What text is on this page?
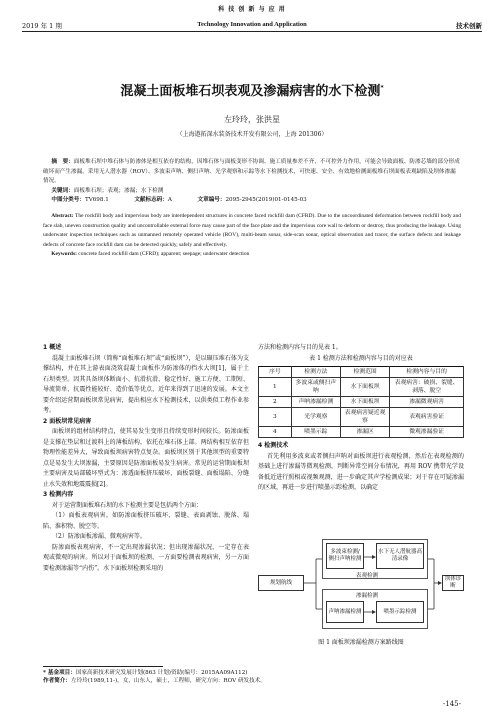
科 技 创 新 与 应 用
2019 年 1 期	Technology Innovation and Application	技术创新
混凝土面板堆石坝表观及渗漏病害的水下检测*
左玲玲，张洪星
（上海遨拓深水装备技术开发有限公司，上海 201306）
摘　要：面板堆石坝中堆石体与防渗体是相互依存的结构，因堆石体与面板变形不协调、施工质量参差不齐，不可控外力作用，可能会导致面板、防渗芯墙的部分形成破坏而产生渗漏。采用无人潜水器（ROV）、多波束声呐、侧扫声呐、光学观察和示踪等水下检测技术，可快速、安全、有效地检测面板堆石坝面板表观缺陷及坝体渗漏情况。
关键词：面板堆石坝；表观；渗漏；水下检测
中图分类号：TV698.1	文献标志码：A	文章编号：2095-2945(2019)01-0145-03
Abstract: The rockfill body and impervious body are interdependent structures in concrete faced rockfill dam (CFRD). Due to the uncoordinated deformation between rockfill body and face slab, uneven construction quality and uncontrollable external force may cause part of the face plate and the impervious core wall to deform or destroy, thus producing the leakage. Using underwater inspection techniques such as unmanned remotely operated vehicle (ROV), multi-beam sonar, side-scan sonar, optical observation and tracer, the surface defects and leakage defects of concrete face rockfill dam can be detected quickly, safely and effectively.
Keywords: concrete faced rockfill dam (CFRD); apparent; seepage; underwater detection
1 概述

混凝土面板堆石坝（简称“面板堆石坝”或“面板坝”），是以碾压堆石体为支撑结构，并在其上游表面浇筑混凝土面板作为防渗体的挡水大坝[1]，属于土石坝类型。因其具备坝体断面小、抗滑抗滑、稳定性好、施工方便、工期短、导流简单、抗震性能较好、造价低等优点，近年来得到了迅速的发展。本文主要介绍运营期面板坝常见病害，提出相应水下检测技术，以供类似工程作业参考。

2 面板坝常见病害

面板坝的组材结构特点，使其易发生变形且持续变形时间较长。防渗面板是支撑在垫层和过渡料上的薄板结构，依托在堆石体上部。两结构相互依存但物理性能差异大，导致面板坝病害特点复杂。面板坝区别于其他坝型的重要特点是易发生大坝渗漏，主要原因是防渗面板易发生病害。常见的运营期面板坝主要病害及局部破坏型式为：渗透面板挤压破坏、面板裂缝、面板塌陷、分缝止水失效和地震震损[2]。

3 检测内容

对于运营期面板堆石坝的水下检测主要是包括两个方面：

（1）面板表观病害。如防渗面板挤压破坏、裂缝、表面剥蚀、脱落、塌陷、淮积物、脱空等。

（2）防渗面板渗漏、微观病害等。

防渗面板表观病害，不一定出现渗漏状况；但出现渗漏状况，一定存在表观或微观的病害。所以对于面板坝的检测，一方面要检测表观病害，另一方面要检测渗漏等“内伤”。水下面板坝检测采用的

方法和检测内容与目的见表 1。
表 1 检测方法和检测内容与目的对应表
序号	检测方法	检测范围	检测内容与目的
1	多波束或侧扫声呐	水下面板坝	表观病害：破损、裂缝、剥落、脱空
2	声呐渗漏检测	水下面板坝	渗漏微观病害
3	光学观察	表观病害疑近观察	表观病害验证
4	喷墨示踪	渗漏区	微观渗漏验证
4 检测技术

首先利用多波束或者侧扫声呐对面板坝进行表观检测，然后在表观检测的基础上进行渗漏等微观检测，判断异常空间分布情况，再用 ROV 携带光学设备抵近进行照相或视频观测，进一步确定其声学检测成果；对于存在可疑渗漏的区域，再进一步进行喷墨示踪检测，以确定

规划航线
坝体诊断
多波束检测/侧扫声呐检测
水下无人潜航器高清录像
声呐渗漏检测	喷墨示踪检测
表观检测
渗漏检测
图 1 面板坝渗漏检测方案路线图
* 基金项目：国家高新技术研究发展计划(863 计划)资助(编号：2015AA09A112)
作者简介：左玲玲(1989,11-)，女，山东人，硕士，工程师，研究方向：ROV 研发技术。
-145-
